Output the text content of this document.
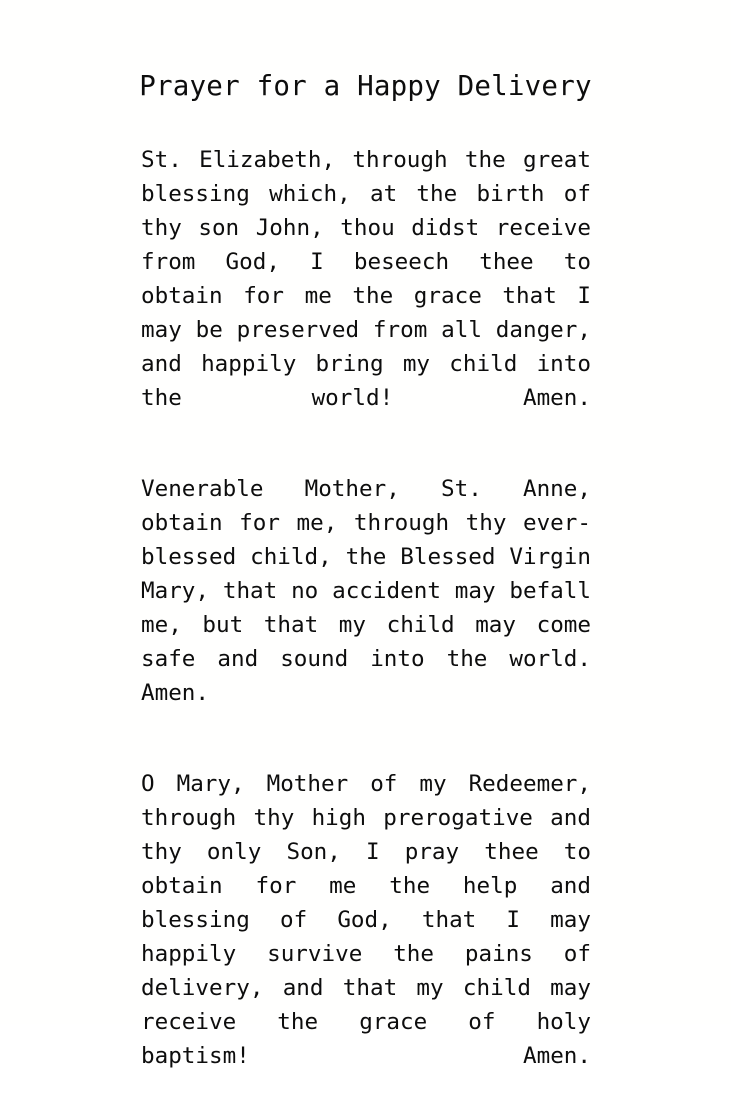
Prayer for a Happy Delivery

St. Elizabeth, through the great blessing which, at the birth of thy son John, thou didst receive from God, I beseech thee to obtain for me the grace that I may be preserved from all danger, and happily bring my child into the world! Amen.

Venerable Mother, St. Anne, obtain for me, through thy ever-blessed child, the Blessed Virgin Mary, that no accident may befall me, but that my child may come safe and sound into the world. Amen.

O Mary, Mother of my Redeemer, through thy high prerogative and thy only Son, I pray thee to obtain for me the help and blessing of God, that I may happily survive the pains of delivery, and that my child may receive the grace of holy baptism! Amen.
